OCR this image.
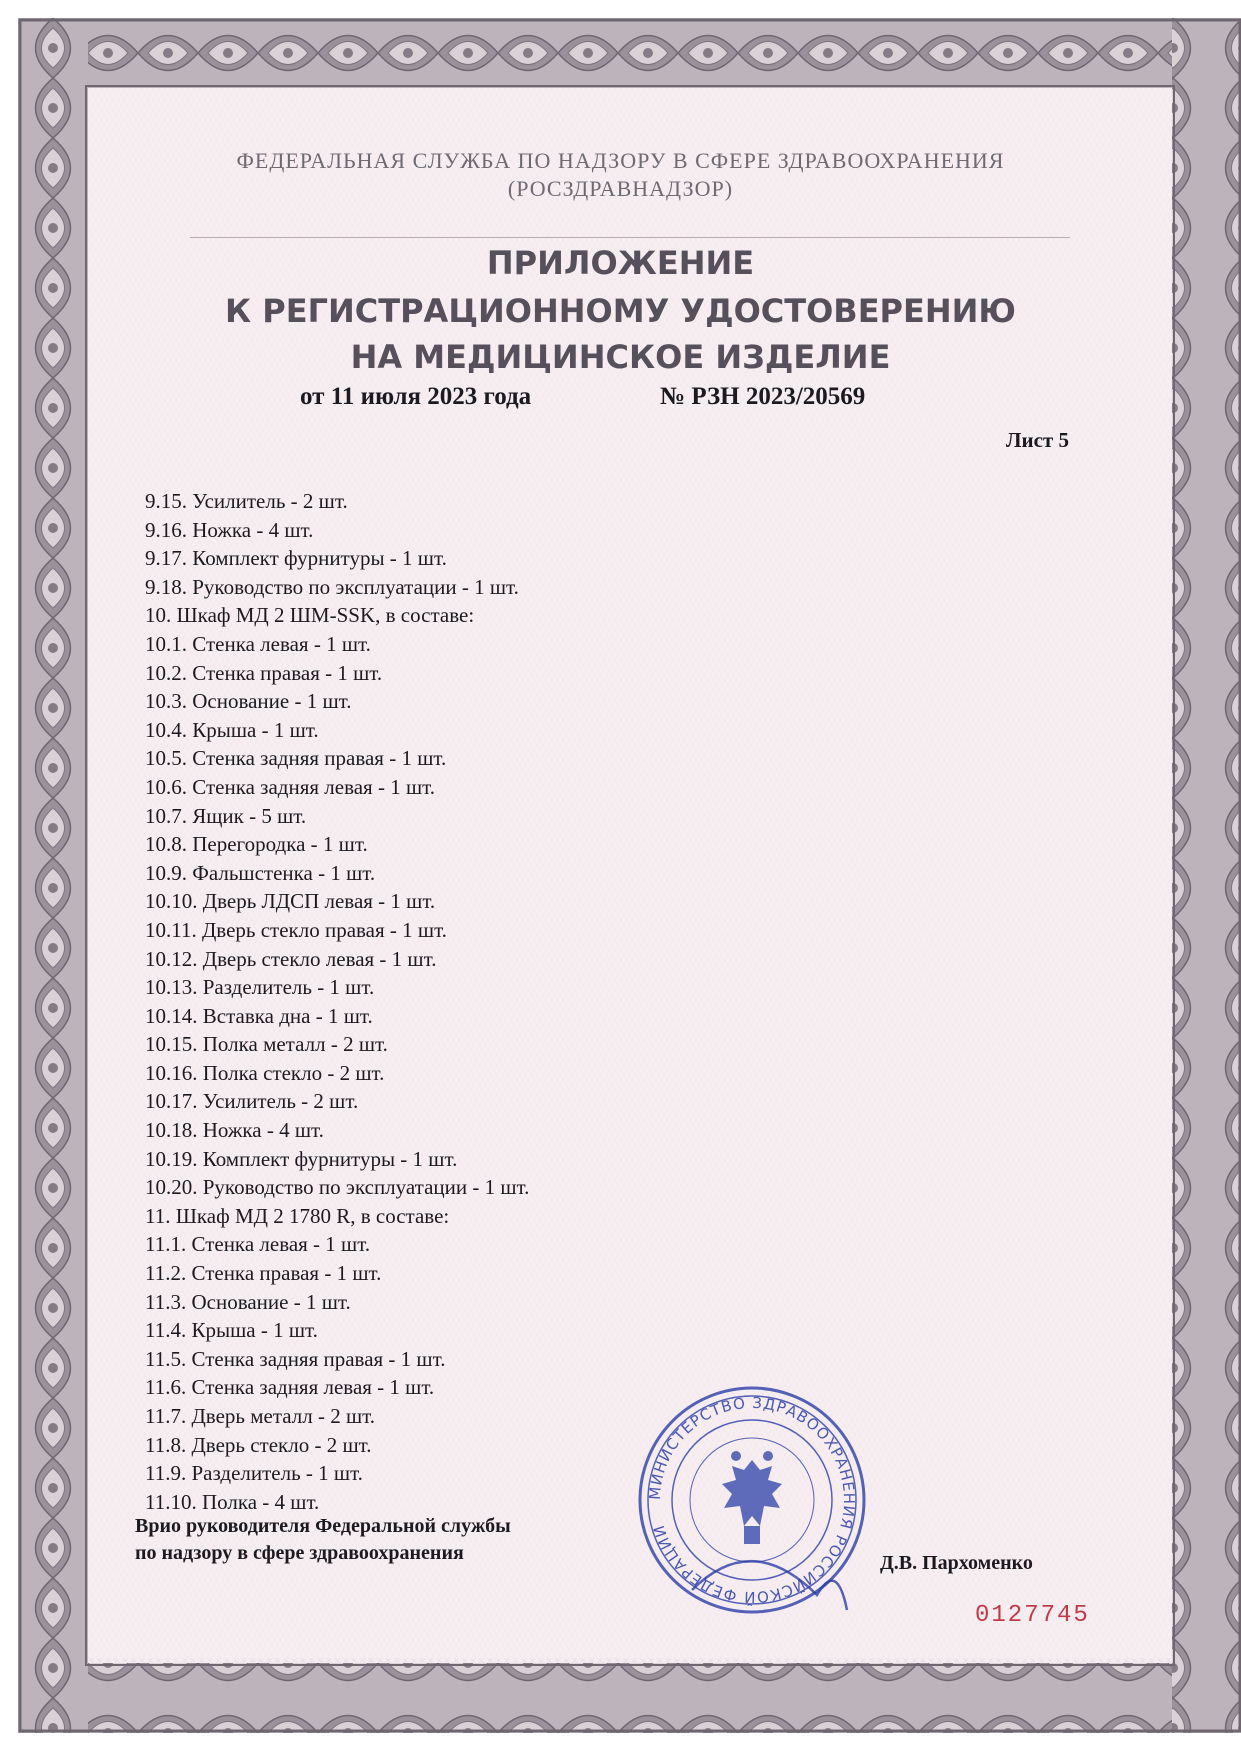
ФЕДЕРАЛЬНАЯ СЛУЖБА ПО НАДЗОРУ В СФЕРЕ ЗДРАВООХРАНЕНИЯ
(РОСЗДРАВНАДЗОР)
ПРИЛОЖЕНИЕ
К РЕГИСТРАЦИОННОМУ УДОСТОВЕРЕНИЮ
НА МЕДИЦИНСКОЕ ИЗДЕЛИЕ
от 11 июля 2023 года	№ РЗН 2023/20569
Лист 5
9.15. Усилитель - 2 шт.
9.16. Ножка - 4 шт.
9.17. Комплект фурнитуры - 1 шт.
9.18. Руководство по эксплуатации - 1 шт.
10. Шкаф МД 2 ШМ-SSK, в составе:
10.1. Стенка левая - 1 шт.
10.2. Стенка правая - 1 шт.
10.3. Основание - 1 шт.
10.4. Крыша - 1 шт.
10.5. Стенка задняя правая - 1 шт.
10.6. Стенка задняя левая - 1 шт.
10.7. Ящик - 5 шт.
10.8. Перегородка - 1 шт.
10.9. Фальшстенка - 1 шт.
10.10. Дверь ЛДСП левая - 1 шт.
10.11. Дверь стекло правая - 1 шт.
10.12. Дверь стекло левая - 1 шт.
10.13. Разделитель - 1 шт.
10.14. Вставка дна - 1 шт.
10.15. Полка металл - 2 шт.
10.16. Полка стекло - 2 шт.
10.17. Усилитель - 2 шт.
10.18. Ножка - 4 шт.
10.19. Комплект фурнитуры - 1 шт.
10.20. Руководство по эксплуатации - 1 шт.
11. Шкаф МД 2 1780 R, в составе:
11.1. Стенка левая - 1 шт.
11.2. Стенка правая - 1 шт.
11.3. Основание - 1 шт.
11.4. Крыша - 1 шт.
11.5. Стенка задняя правая - 1 шт.
11.6. Стенка задняя левая - 1 шт.
11.7. Дверь металл - 2 шт.
11.8. Дверь стекло - 2 шт.
11.9. Разделитель - 1 шт.
11.10. Полка - 4 шт.
Врио руководителя Федеральной службы
по надзору в сфере здравоохранения	Д.В. Пархоменко
МИНИСТЕРСТВО ЗДРАВООХРАНЕНИЯ РОССИЙСКОЙ ФЕДЕРАЦИИ
0127745
